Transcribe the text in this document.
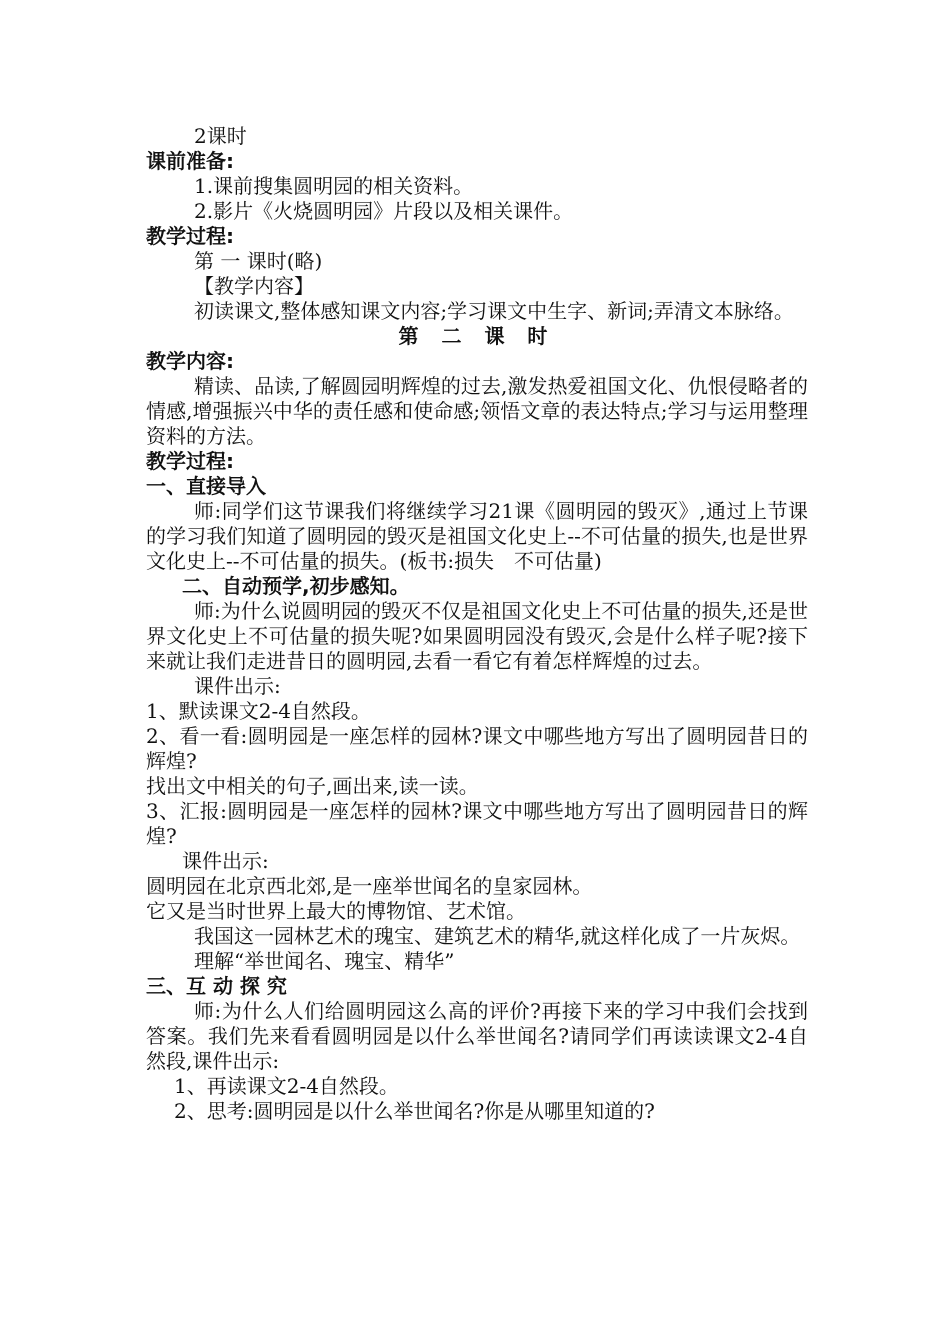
2课时

课前准备:

1.课前搜集圆明园的相关资料。

2.影片《火烧圆明园》片段以及相关课件。

教学过程:

第 一 课时(略)

【教学内容】

初读课文,整体感知课文内容;学习课文中生字、新词;弄清文本脉络。

第 二 课 时

教学内容:

精读、品读,了解圆园明辉煌的过去,激发热爱祖国文化、仇恨侵略者的情感,增强振兴中华的责任感和使命感;领悟文章的表达特点;学习与运用整理资料的方法。

教学过程:

一、直接导入

师:同学们这节课我们将继续学习21课《圆明园的毁灭》,通过上节课的学习我们知道了圆明园的毁灭是祖国文化史上--不可估量的损失,也是世界文化史上--不可估量的损失。(板书:损失　不可估量)

二、自动预学,初步感知。

师:为什么说圆明园的毁灭不仅是祖国文化史上不可估量的损失,还是世界文化史上不可估量的损失呢?如果圆明园没有毁灭,会是什么样子呢?接下来就让我们走进昔日的圆明园,去看一看它有着怎样辉煌的过去。

课件出示:

1、默读课文2-4自然段。

2、看一看:圆明园是一座怎样的园林?课文中哪些地方写出了圆明园昔日的辉煌?

找出文中相关的句子,画出来,读一读。

3、汇报:圆明园是一座怎样的园林?课文中哪些地方写出了圆明园昔日的辉煌?

课件出示:

圆明园在北京西北郊,是一座举世闻名的皇家园林。

它又是当时世界上最大的博物馆、艺术馆。

我国这一园林艺术的瑰宝、建筑艺术的精华,就这样化成了一片灰烬。

理解“举世闻名、瑰宝、精华”

三、互 动 探 究

师:为什么人们给圆明园这么高的评价?再接下来的学习中我们会找到答案。我们先来看看圆明园是以什么举世闻名?请同学们再读读课文2-4自然段,课件出示:

1、再读课文2-4自然段。

2、思考:圆明园是以什么举世闻名?你是从哪里知道的?
